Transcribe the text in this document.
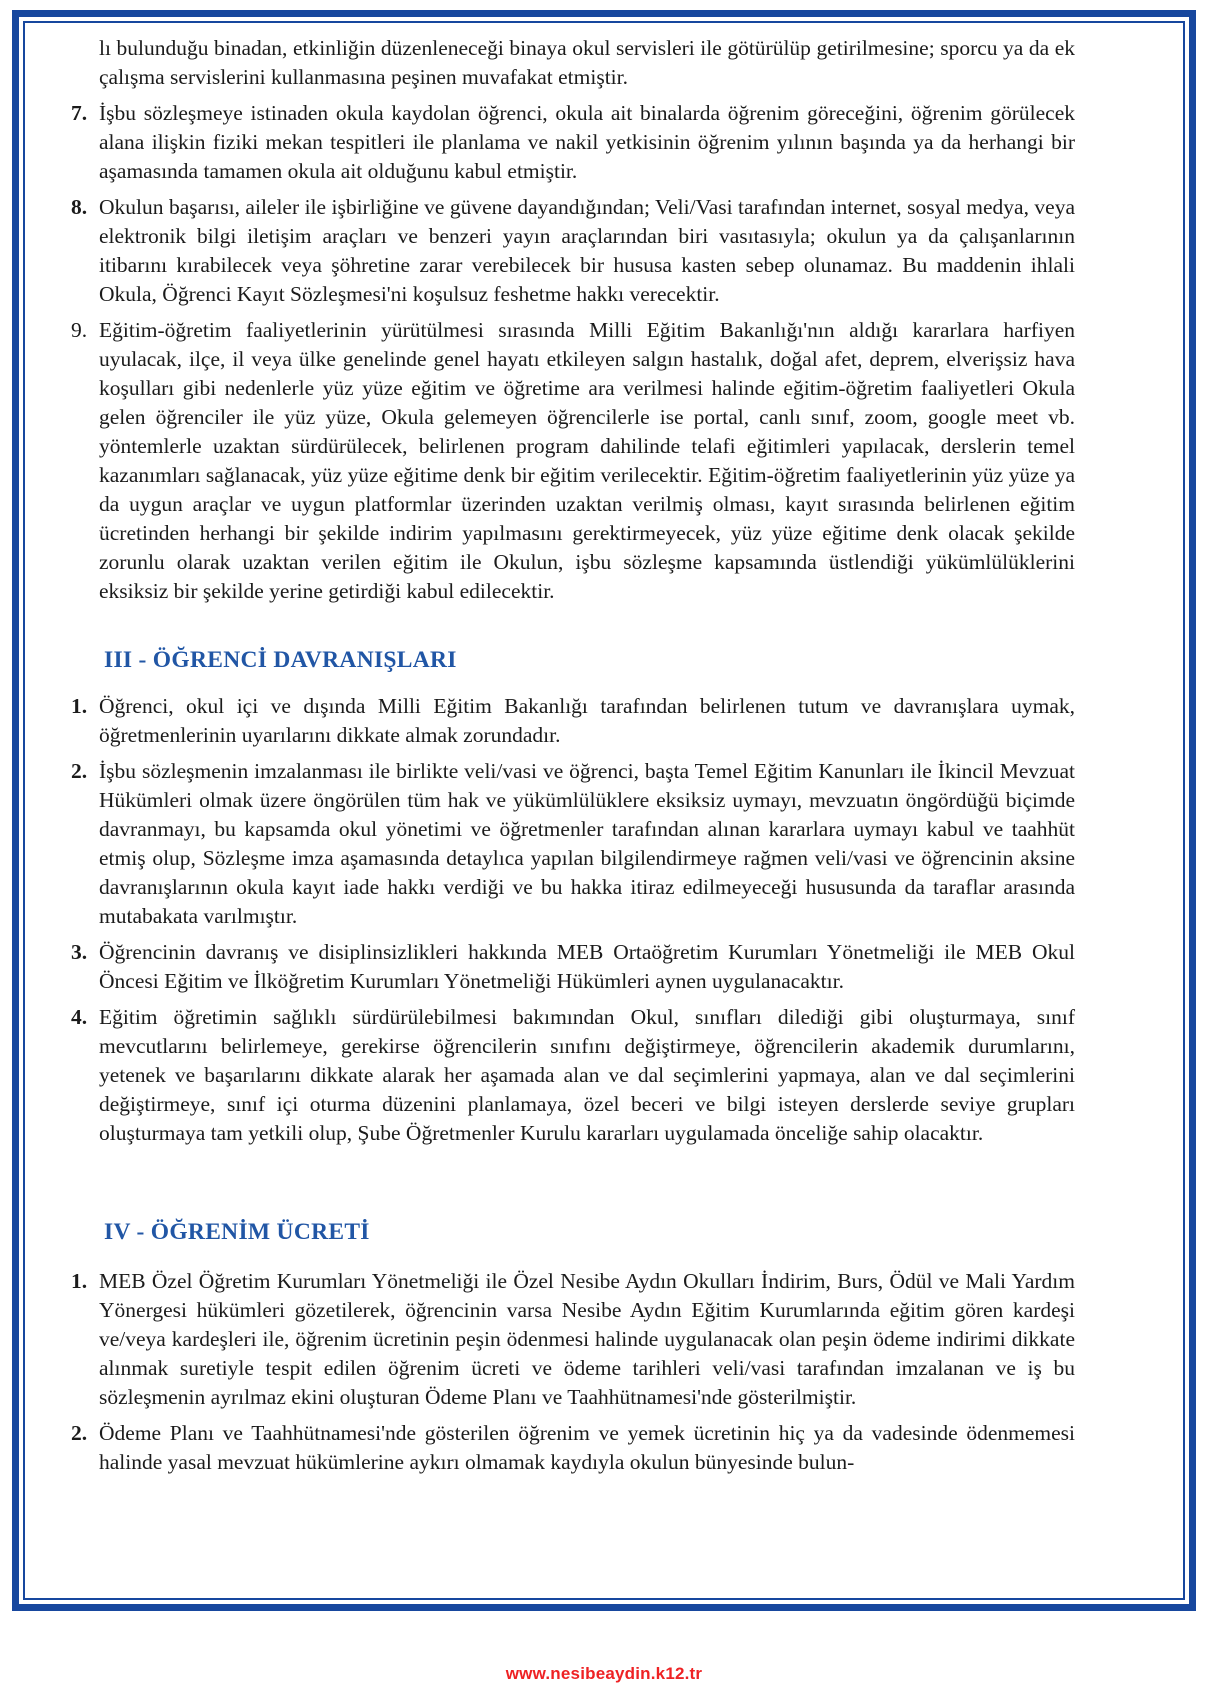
lı bulunduğu binadan, etkinliğin düzenleneceği binaya okul servisleri ile götürülüp getirilmesine; sporcu ya da ek çalışma servislerini kullanmasına peşinen muvafakat etmiştir.

7. İşbu sözleşmeye istinaden okula kaydolan öğrenci, okula ait binalarda öğrenim göreceğini, öğrenim görülecek alana ilişkin fiziki mekan tespitleri ile planlama ve nakil yetkisinin öğrenim yılının başında ya da herhangi bir aşamasında tamamen okula ait olduğunu kabul etmiştir.

8. Okulun başarısı, aileler ile işbirliğine ve güvene dayandığından; Veli/Vasi tarafından internet, sosyal medya, veya elektronik bilgi iletişim araçları ve benzeri yayın araçlarından biri vasıtasıyla; okulun ya da çalışanlarının itibarını kırabilecek veya şöhretine zarar verebilecek bir hususa kasten sebep olunamaz. Bu maddenin ihlali Okula, Öğrenci Kayıt Sözleşmesi'ni koşulsuz feshetme hakkı verecektir.

9. Eğitim-öğretim faaliyetlerinin yürütülmesi sırasında Milli Eğitim Bakanlığı'nın aldığı kararlara harfiyen uyulacak, ilçe, il veya ülke genelinde genel hayatı etkileyen salgın hastalık, doğal afet, deprem, elverişsiz hava koşulları gibi nedenlerle yüz yüze eğitim ve öğretime ara verilmesi halinde eğitim-öğretim faaliyetleri Okula gelen öğrenciler ile yüz yüze, Okula gelemeyen öğrencilerle ise portal, canlı sınıf, zoom, google meet vb. yöntemlerle uzaktan sürdürülecek, belirlenen program dahilinde telafi eğitimleri yapılacak, derslerin temel kazanımları sağlanacak, yüz yüze eğitime denk bir eğitim verilecektir. Eğitim-öğretim faaliyetlerinin yüz yüze ya da uygun araçlar ve uygun platformlar üzerinden uzaktan verilmiş olması, kayıt sırasında belirlenen eğitim ücretinden herhangi bir şekilde indirim yapılmasını gerektirmeyecek, yüz yüze eğitime denk olacak şekilde zorunlu olarak uzaktan verilen eğitim ile Okulun, işbu sözleşme kapsamında üstlendiği yükümlülüklerini eksiksiz bir şekilde yerine getirdiği kabul edilecektir.

III - ÖĞRENCİ DAVRANIŞLARI
1. Öğrenci, okul içi ve dışında Milli Eğitim Bakanlığı tarafından belirlenen tutum ve davranışlara uymak, öğretmenlerinin uyarılarını dikkate almak zorundadır.

2. İşbu sözleşmenin imzalanması ile birlikte veli/vasi ve öğrenci, başta Temel Eğitim Kanunları ile İkincil Mevzuat Hükümleri olmak üzere öngörülen tüm hak ve yükümlülüklere eksiksiz uymayı, mevzuatın öngördüğü biçimde davranmayı, bu kapsamda okul yönetimi ve öğretmenler tarafından alınan kararlara uymayı kabul ve taahhüt etmiş olup, Sözleşme imza aşamasında detaylıca yapılan bilgilendirmeye rağmen veli/vasi ve öğrencinin aksine davranışlarının okula kayıt iade hakkı verdiği ve bu hakka itiraz edilmeyeceği hususunda da taraflar arasında mutabakata varılmıştır.

3. Öğrencinin davranış ve disiplinsizlikleri hakkında MEB Ortaöğretim Kurumları Yönetmeliği ile MEB Okul Öncesi Eğitim ve İlköğretim Kurumları Yönetmeliği Hükümleri aynen uygulanacaktır.

4. Eğitim öğretimin sağlıklı sürdürülebilmesi bakımından Okul, sınıfları dilediği gibi oluşturmaya, sınıf mevcutlarını belirlemeye, gerekirse öğrencilerin sınıfını değiştirmeye, öğrencilerin akademik durumlarını, yetenek ve başarılarını dikkate alarak her aşamada alan ve dal seçimlerini yapmaya, alan ve dal seçimlerini değiştirmeye, sınıf içi oturma düzenini planlamaya, özel beceri ve bilgi isteyen derslerde seviye grupları oluşturmaya tam yetkili olup, Şube Öğretmenler Kurulu kararları uygulamada önceliğe sahip olacaktır.

IV - ÖĞRENİM ÜCRETİ
1. MEB Özel Öğretim Kurumları Yönetmeliği ile Özel Nesibe Aydın Okulları İndirim, Burs, Ödül ve Mali Yardım Yönergesi hükümleri gözetilerek, öğrencinin varsa Nesibe Aydın Eğitim Kurumlarında eğitim gören kardeşi ve/veya kardeşleri ile, öğrenim ücretinin peşin ödenmesi halinde uygulanacak olan peşin ödeme indirimi dikkate alınmak suretiyle tespit edilen öğrenim ücreti ve ödeme tarihleri veli/vasi tarafından imzalanan ve iş bu sözleşmenin ayrılmaz ekini oluşturan Ödeme Planı ve Taahhütnamesi'nde gösterilmiştir.

2. Ödeme Planı ve Taahhütnamesi'nde gösterilen öğrenim ve yemek ücretinin hiç ya da vadesinde ödenmemesi halinde yasal mevzuat hükümlerine aykırı olmamak kaydıyla okulun bünyesinde bulun-

www.nesibeaydin.k12.tr
